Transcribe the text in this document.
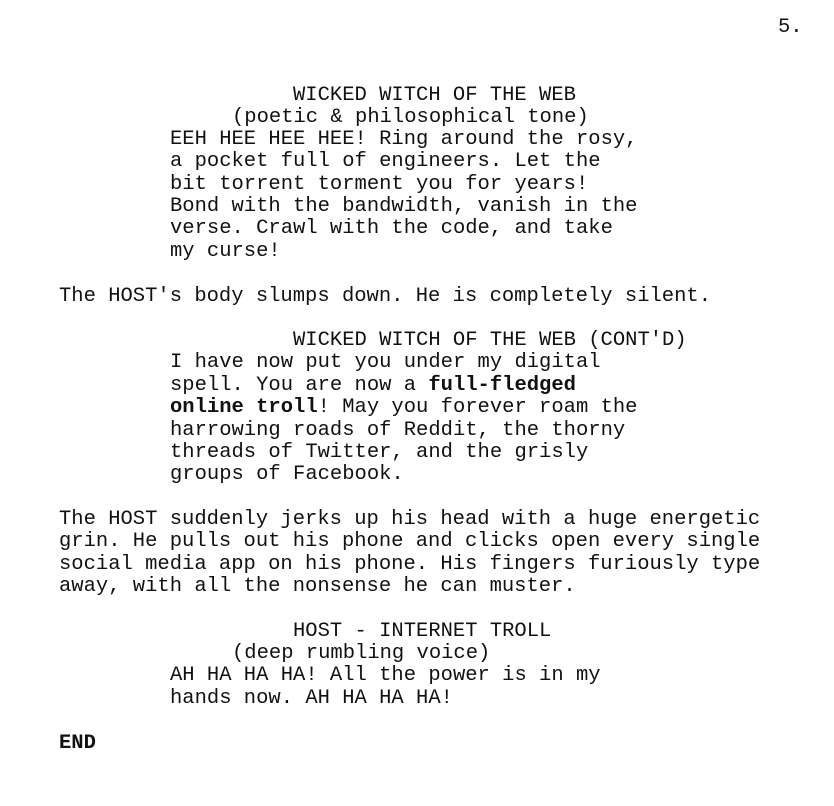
5.
WICKED WITCH OF THE WEB
(poetic & philosophical tone)
EEH HEE HEE HEE! Ring around the rosy,
a pocket full of engineers. Let the
bit torrent torment you for years!
Bond with the bandwidth, vanish in the
verse. Crawl with the code, and take
my curse!
The HOST's body slumps down. He is completely silent.
WICKED WITCH OF THE WEB (CONT'D)
I have now put you under my digital
spell. You are now a full-fledged
online troll! May you forever roam the
harrowing roads of Reddit, the thorny
threads of Twitter, and the grisly
groups of Facebook.
The HOST suddenly jerks up his head with a huge energetic
grin. He pulls out his phone and clicks open every single
social media app on his phone. His fingers furiously type
away, with all the nonsense he can muster.
HOST - INTERNET TROLL
(deep rumbling voice)
AH HA HA HA! All the power is in my
hands now. AH HA HA HA!
END
